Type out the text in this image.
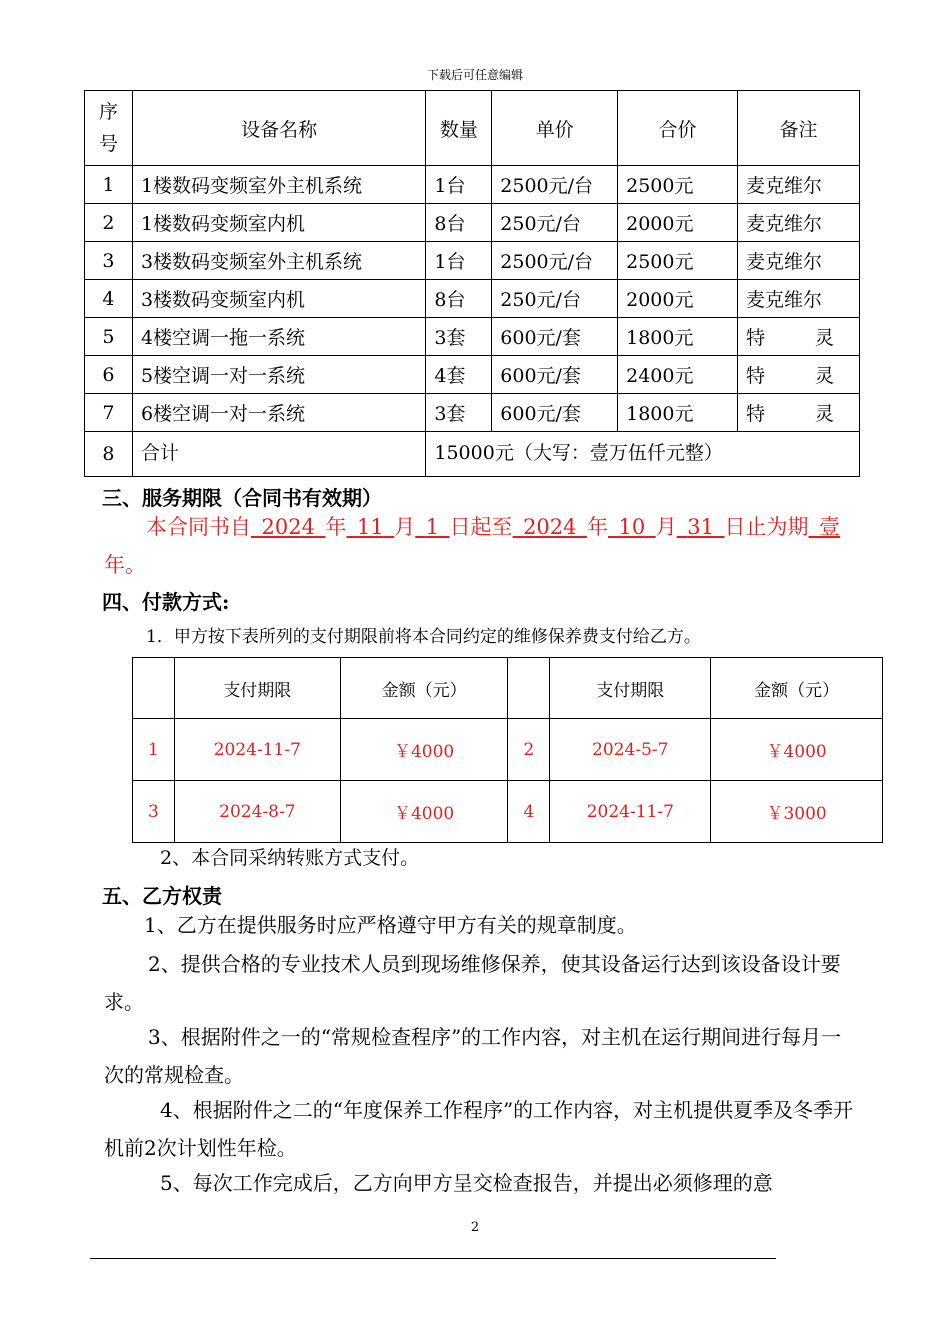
下载后可任意编辑
序号	设备名称	数量	单价	合价	备注
1	1楼数码变频室外主机系统	1台	2500元/台	2500元	麦克维尔
2	1楼数码变频室内机	8台	250元/台	2000元	麦克维尔
3	3楼数码变频室外主机系统	1台	2500元/台	2500元	麦克维尔
4	3楼数码变频室内机	8台	250元/台	2000元	麦克维尔
5	4楼空调一拖一系统	3套	600元/套	1800元	特灵
6	5楼空调一对一系统	4套	600元/套	2400元	特灵
7	6楼空调一对一系统	3套	600元/套	1800元	特灵
8	合计	15000元（大写：壹万伍仟元整）			
三、服务期限（合同书有效期）
本合同书自  2024  年  11  月  1  日起至  2024  年  10  月  31  日止为期  壹年。
四、付款方式:
1．甲方按下表所列的支付期限前将本合同约定的维修保养费支付给乙方。
	支付期限	金额（元）		支付期限	金额（元）
1	2024-11-7	￥4000	2	2024-5-7	￥4000
3	2024-8-7	￥4000	4	2024-11-7	￥3000
2、本合同采纳转账方式支付。
五、乙方权责
1、乙方在提供服务时应严格遵守甲方有关的规章制度。
2、提供合格的专业技术人员到现场维修保养，使其设备运行达到该设备设计要求。
3、根据附件之一的“常规检查程序”的工作内容，对主机在运行期间进行每月一次的常规检查。
4、根据附件之二的“年度保养工作程序”的工作内容，对主机提供夏季及冬季开机前2次计划性年检。
5、每次工作完成后，乙方向甲方呈交检查报告，并提出必须修理的意
2
